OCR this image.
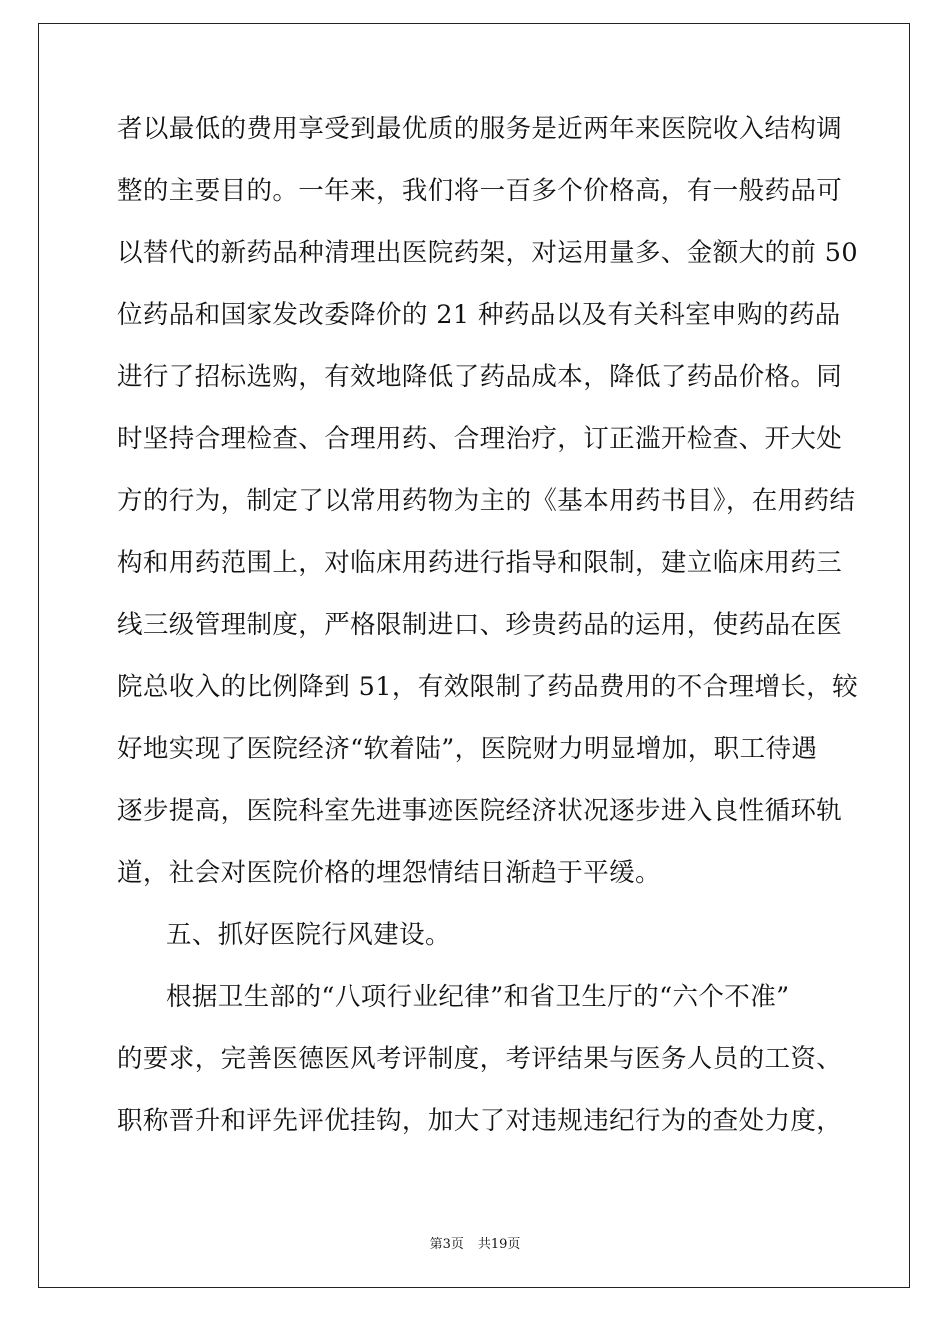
者以最低的费用享受到最优质的服务是近两年来医院收入结构调
整的主要目的。一年来，我们将一百多个价格高，有一般药品可
以替代的新药品种清理出医院药架，对运用量多、金额大的前 50
位药品和国家发改委降价的 21 种药品以及有关科室申购的药品
进行了招标选购，有效地降低了药品成本，降低了药品价格。同
时坚持合理检查、合理用药、合理治疗，订正滥开检查、开大处
方的行为，制定了以常用药物为主的《基本用药书目》，在用药结
构和用药范围上，对临床用药进行指导和限制，建立临床用药三
线三级管理制度，严格限制进口、珍贵药品的运用，使药品在医
院总收入的比例降到 51，有效限制了药品费用的不合理增长，较
好地实现了医院经济“软着陆”，医院财力明显增加，职工待遇
逐步提高，医院科室先进事迹医院经济状况逐步进入良性循环轨
道，社会对医院价格的埋怨情结日渐趋于平缓。
五、抓好医院行风建设。
根据卫生部的“八项行业纪律”和省卫生厅的“六个不准”
的要求，完善医德医风考评制度，考评结果与医务人员的工资、
职称晋升和评先评优挂钩，加大了对违规违纪行为的查处力度，
第3页 共19页
